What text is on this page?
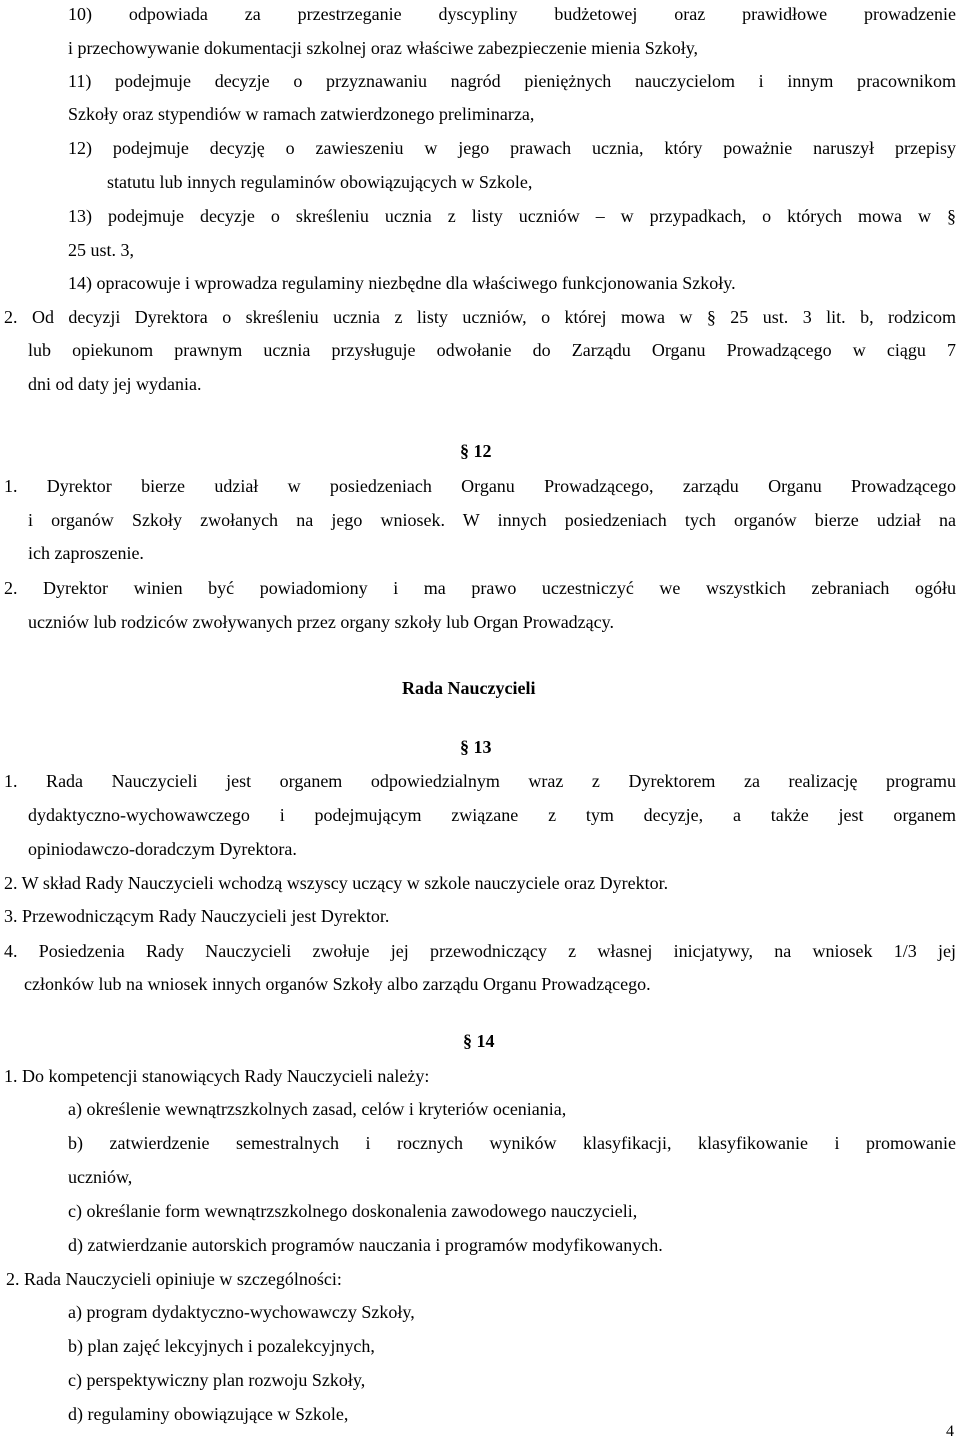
10) odpowiada za przestrzeganie dyscypliny budżetowej oraz prawidłowe prowadzenie
i przechowywanie dokumentacji szkolnej oraz właściwe zabezpieczenie mienia Szkoły,
11) podejmuje decyzje o przyznawaniu nagród pieniężnych nauczycielom i innym pracownikom
Szkoły oraz stypendiów w ramach zatwierdzonego preliminarza,
12) podejmuje decyzję o zawieszeniu w jego prawach ucznia, który poważnie naruszył przepisy
statutu lub innych regulaminów obowiązujących w Szkole,
13) podejmuje decyzje o skreśleniu ucznia z listy uczniów – w przypadkach, o których mowa w §
25 ust. 3,
14) opracowuje i wprowadza regulaminy niezbędne dla właściwego funkcjonowania Szkoły.
2. Od decyzji Dyrektora o skreśleniu ucznia z listy uczniów, o której mowa w § 25 ust. 3 lit. b, rodzicom
lub opiekunom prawnym ucznia przysługuje odwołanie do Zarządu Organu Prowadzącego w ciągu 7
dni od daty jej wydania.
§ 12
1. Dyrektor bierze udział w posiedzeniach Organu Prowadzącego, zarządu Organu Prowadzącego
i organów Szkoły zwołanych na jego wniosek. W innych posiedzeniach tych organów bierze udział na
ich zaproszenie.
2. Dyrektor winien być powiadomiony i ma prawo uczestniczyć we wszystkich zebraniach ogółu
uczniów lub rodziców zwoływanych przez organy szkoły lub Organ Prowadzący.
Rada Nauczycieli
§ 13
1. Rada Nauczycieli jest organem odpowiedzialnym wraz z Dyrektorem za realizację programu
dydaktyczno-wychowawczego i podejmującym związane z tym decyzje, a także jest organem
opiniodawczo-doradczym Dyrektora.
2. W skład Rady Nauczycieli wchodzą wszyscy uczący w szkole nauczyciele oraz Dyrektor.
3. Przewodniczącym Rady Nauczycieli jest Dyrektor.
4. Posiedzenia Rady Nauczycieli zwołuje jej przewodniczący z własnej inicjatywy, na wniosek 1/3 jej
członków lub na wniosek innych organów Szkoły albo zarządu Organu Prowadzącego.
§ 14
1. Do kompetencji stanowiących Rady Nauczycieli należy:
a) określenie wewnątrzszkolnych zasad, celów i kryteriów oceniania,
b) zatwierdzenie semestralnych i rocznych wyników klasyfikacji, klasyfikowanie i promowanie
uczniów,
c) określanie form wewnątrzszkolnego doskonalenia zawodowego nauczycieli,
d) zatwierdzanie autorskich programów nauczania i programów modyfikowanych.
2. Rada Nauczycieli opiniuje w szczególności:
a) program dydaktyczno-wychowawczy Szkoły,
b) plan zajęć lekcyjnych i pozalekcyjnych,
c) perspektywiczny plan rozwoju Szkoły,
d) regulaminy obowiązujące w Szkole,
4
